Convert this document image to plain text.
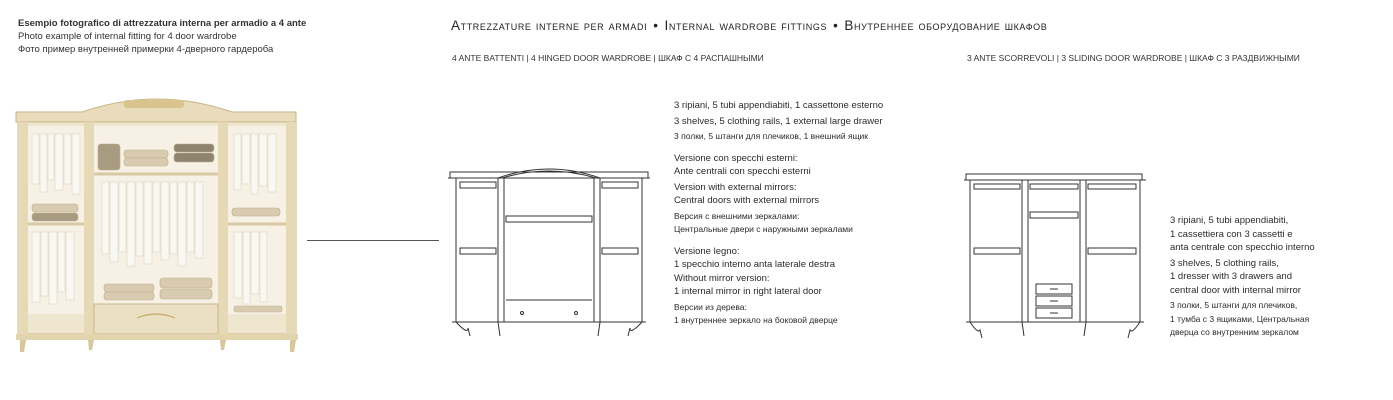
Esempio fotografico di attrezzatura interna per armadio a 4 ante
Photo example of internal fitting for 4 door wardrobe
Фото пример внутренней примерки 4-дверного гардероба
Attrezzature interne per armadi • Internal wardrobe fittings • Внутреннее оборудование шкафов
4 ANTE BATTENTI | 4 HINGED DOOR WARDROBE | ШКАФ С 4 РАСПАШНЫМИ	3 ANTE SCORREVOLI | 3 SLIDING DOOR WARDROBE | ШКАФ С 3 РАЗДВИЖНЫМИ
3 ripiani, 5 tubi appendiabiti, 1 cassettone esterno
3 shelves, 5 clothing rails, 1 external large drawer
3 полки, 5 штанги для плечиков, 1 внешний ящик
Versione con specchi esterni:
Ante centrali con specchi esterni
Version with external mirrors:
Central doors with external mirrors
Версия с внешними зеркалами:
Центральные двери с наружными зеркалами
Versione legno:
1 specchio interno anta laterale destra
Without mirror version:
1 internal mirror in right lateral door
Версии из дерева:
1 внутреннее зеркало на боковой дверце
3 ripiani, 5 tubi appendiabiti,
1 cassettiera con 3 cassetti e
anta centrale con specchio interno
3 shelves, 5 clothing rails,
1 dresser with 3 drawers and
central door with internal mirror
3 полки, 5 штанги для плечиков,
1 тумба с 3 ящиками, Центральная
дверца со внутренним зеркалом
